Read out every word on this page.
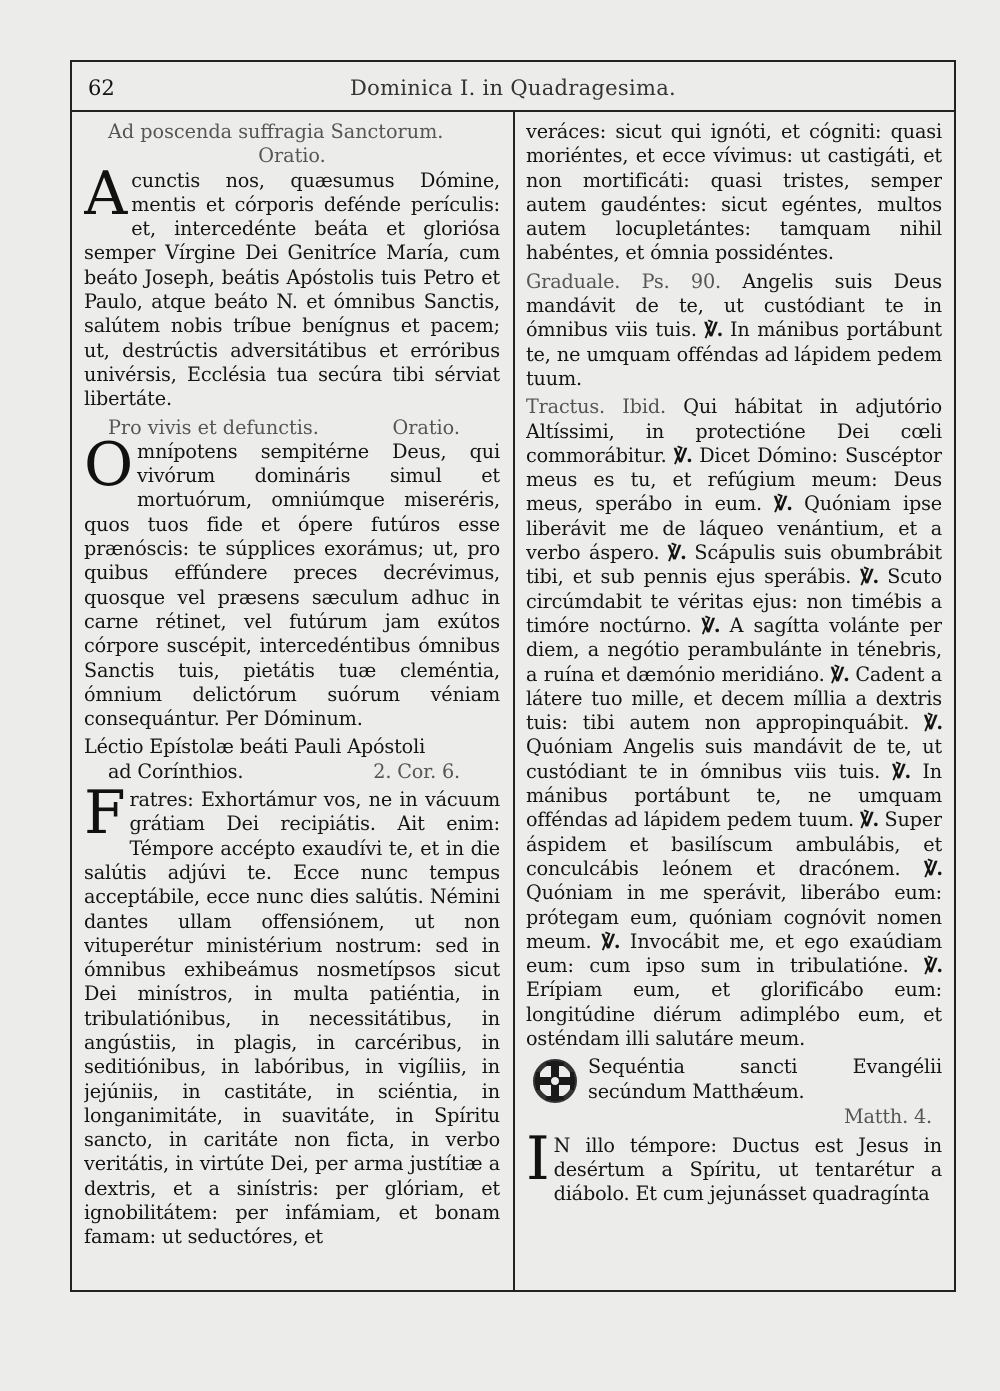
62	Dominica I. in Quadragesima.

Ad poscenda suffragia Sanctorum.

Oratio.

Acunctis nos, quæsumus Dómine, mentis et córporis defénde perículis: et, intercedénte beáta et gloriósa semper Vírgine Dei Genitríce María, cum beáto Joseph, beátis Apóstolis tuis Petro et Paulo, atque beáto N. et ómnibus Sanctis, salútem nobis tríbue benígnus et pacem; ut, destrúctis adversitátibus et erróribus univérsis, Ecclésia tua secúra tibi sérviat libertáte.

Pro vivis et defunctis.	Oratio.

Omnípotens sempitérne Deus, qui vivórum domináris simul et mortuórum, omniúmque miseréris, quos tuos fide et ópere futúros esse prænóscis: te súpplices exorámus; ut, pro quibus effúndere preces decrévimus, quosque vel præsens sæculum adhuc in carne rétinet, vel futúrum jam exútos córpore suscépit, intercedéntibus ómnibus Sanctis tuis, pietátis tuæ cleméntia, ómnium delictórum suórum véniam consequántur. Per Dóminum.

Léctio Epístolæ beáti Pauli Apóstoli

ad Corínthios.	2. Cor. 6.

Fratres: Exhortámur vos, ne in vácuum grátiam Dei recipiátis. Ait enim: Témpore accépto exaudívi te, et in die salútis adjúvi te. Ecce nunc tempus acceptábile, ecce nunc dies salútis. Némini dantes ullam offensiónem, ut non vituperétur ministérium nostrum: sed in ómnibus exhibeámus nosmetípsos sicut Dei minístros, in multa patiéntia, in tribulatiónibus, in necessitátibus, in angústiis, in plagis, in carcéribus, in seditiónibus, in labóribus, in vigíliis, in jejúniis, in castitáte, in sciéntia, in longanimitáte, in suavitáte, in Spíritu sancto, in caritáte non ficta, in verbo veritátis, in virtúte Dei, per arma justítiæ a dextris, et a sinístris: per glóriam, et ignobilitátem: per infámiam, et bonam famam: ut seductóres, et

veráces: sicut qui ignóti, et cógniti: quasi moriéntes, et ecce vívimus: ut castigáti, et non mortificáti: quasi tristes, semper autem gaudéntes: sicut egéntes, multos autem locupletántes: tamquam nihil habéntes, et ómnia possidéntes.

Graduale. Ps. 90. Angelis suis Deus mandávit de te, ut custódiant te in ómnibus viis tuis. ℣. In mánibus portábunt te, ne umquam offéndas ad lápidem pedem tuum.

Tractus. Ibid. Qui hábitat in adjutório Altíssimi, in protectióne Dei cœli commorábitur. ℣. Dicet Dómino: Suscéptor meus es tu, et refúgium meum: Deus meus, sperábo in eum. ℣. Quóniam ipse liberávit me de láqueo venántium, et a verbo áspero. ℣. Scápulis suis obumbrábit tibi, et sub pennis ejus sperábis. ℣. Scuto circúmdabit te véritas ejus: non timébis a timóre noctúrno. ℣. A sagítta volánte per diem, a negótio perambulánte in ténebris, a ruína et dæmónio meridiáno. ℣. Cadent a látere tuo mille, et decem míllia a dextris tuis: tibi autem non appropinquábit. ℣. Quóniam Angelis suis mandávit de te, ut custódiant te in ómnibus viis tuis. ℣. In mánibus portábunt te, ne umquam offéndas ad lápidem pedem tuum. ℣. Super áspidem et basilíscum ambulábis, et conculcábis leónem et dracónem. ℣. Quóniam in me sperávit, liberábo eum: prótegam eum, quóniam cognóvit nomen meum. ℣. Invocábit me, et ego exaúdiam eum: cum ipso sum in tribulatióne. ℣. Erípiam eum, et glorificábo eum: longitúdine diérum adimplébo eum, et osténdam illi salutáre meum.

Sequéntia sancti Evangélii secúndum Matthǽum.

Matth. 4.

I N illo témpore: Ductus est Jesus in desértum a Spíritu, ut tentarétur a diábolo. Et cum jejunásset quadragínta
